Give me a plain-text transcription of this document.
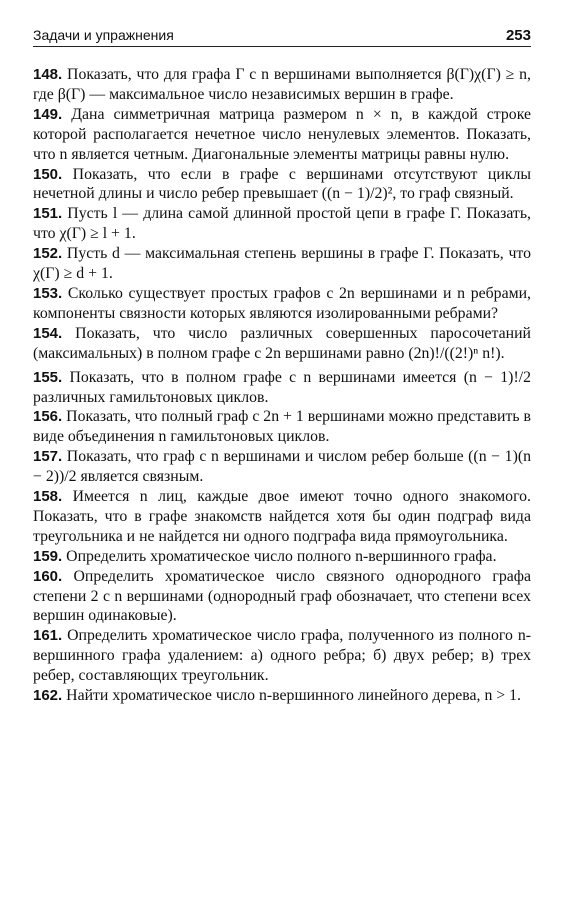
Задачи и упражнения	253
148. Показать, что для графа Γ с n вершинами выполняется β(Γ)χ(Γ) ≥ n, где β(Γ) — максимальное число независимых вершин в графе.
149. Дана симметричная матрица размером n × n, в каждой строке которой располагается нечетное число ненулевых элементов. Показать, что n является четным. Диагональные элементы матрицы равны нулю.
150. Показать, что если в графе с вершинами отсутствуют циклы нечетной длины и число ребер превышает ((n − 1)/2)², то граф связный.
151. Пусть l — длина самой длинной простой цепи в графе Γ. Показать, что χ(Γ) ≥ l + 1.
152. Пусть d — максимальная степень вершины в графе Γ. Показать, что χ(Γ) ≥ d + 1.
153. Сколько существует простых графов с 2n вершинами и n ребрами, компоненты связности которых являются изолированными ребрами?
154. Показать, что число различных совершенных паросочетаний (максимальных) в полном графе с 2n вершинами равно (2n)!/((2!)ⁿ n!).
155. Показать, что в полном графе с n вершинами имеется (n − 1)!/2 различных гамильтоновых циклов.
156. Показать, что полный граф с 2n + 1 вершинами можно представить в виде объединения n гамильтоновых циклов.
157. Показать, что граф с n вершинами и числом ребер больше ((n − 1)(n − 2))/2 является связным.
158. Имеется n лиц, каждые двое имеют точно одного знакомого. Показать, что в графе знакомств найдется хотя бы один подграф вида треугольника и не найдется ни одного подграфа вида прямоугольника.
159. Определить хроматическое число полного n-вершинного графа.
160. Определить хроматическое число связного однородного графа степени 2 с n вершинами (однородный граф обозначает, что степени всех вершин одинаковые).
161. Определить хроматическое число графа, полученного из полного n-вершинного графа удалением: а) одного ребра; б) двух ребер; в) трех ребер, составляющих треугольник.
162. Найти хроматическое число n-вершинного линейного дерева, n > 1.
